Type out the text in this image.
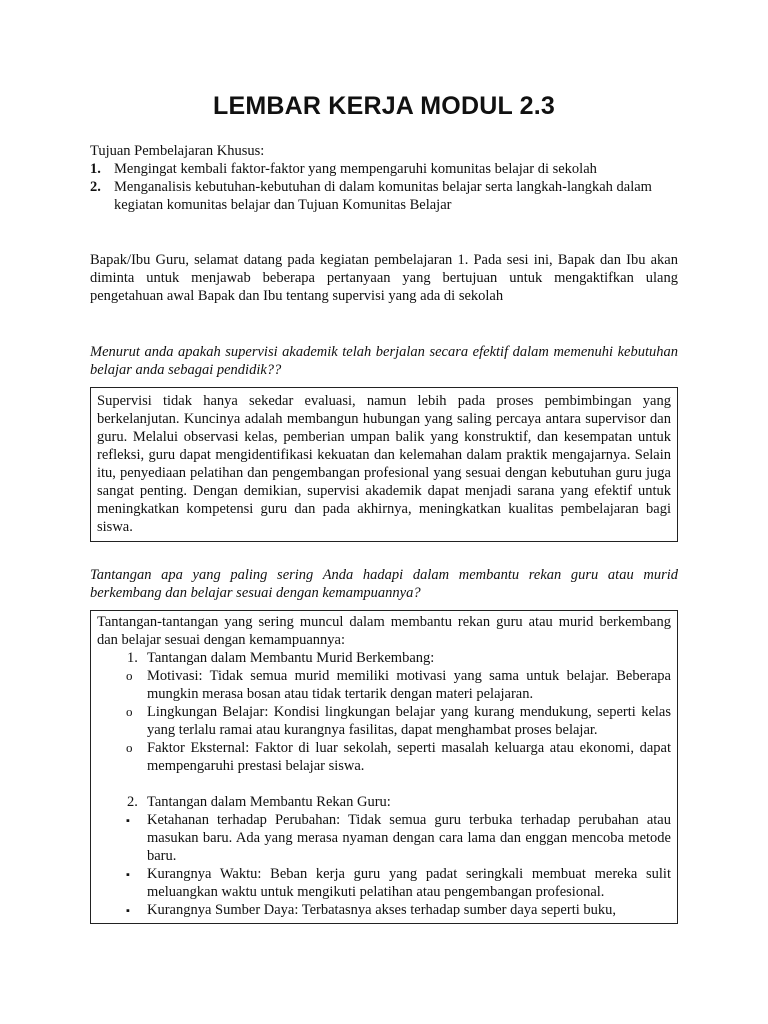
LEMBAR KERJA MODUL 2.3

Tujuan Pembelajaran Khusus:

1. Mengingat kembali faktor-faktor yang mempengaruhi komunitas belajar di sekolah
2. Menganalisis kebutuhan-kebutuhan di dalam komunitas belajar serta langkah-langkah dalam kegiatan komunitas belajar dan Tujuan Komunitas Belajar

Bapak/Ibu Guru, selamat datang pada kegiatan pembelajaran 1. Pada sesi ini, Bapak dan Ibu akan diminta untuk menjawab beberapa pertanyaan yang bertujuan untuk mengaktifkan ulang pengetahuan awal Bapak dan Ibu tentang supervisi yang ada di sekolah

Menurut anda apakah supervisi akademik telah berjalan secara efektif dalam memenuhi kebutuhan belajar anda sebagai pendidik??

Supervisi tidak hanya sekedar evaluasi, namun lebih pada proses pembimbingan yang berkelanjutan. Kuncinya adalah membangun hubungan yang saling percaya antara supervisor dan guru. Melalui observasi kelas, pemberian umpan balik yang konstruktif, dan kesempatan untuk refleksi, guru dapat mengidentifikasi kekuatan dan kelemahan dalam praktik mengajarnya. Selain itu, penyediaan pelatihan dan pengembangan profesional yang sesuai dengan kebutuhan guru juga sangat penting. Dengan demikian, supervisi akademik dapat menjadi sarana yang efektif untuk meningkatkan kompetensi guru dan pada akhirnya, meningkatkan kualitas pembelajaran bagi siswa.

Tantangan apa yang paling sering Anda hadapi dalam membantu rekan guru atau murid berkembang dan belajar sesuai dengan kemampuannya?

Tantangan-tantangan yang sering muncul dalam membantu rekan guru atau murid berkembang dan belajar sesuai dengan kemampuannya:
1. Tantangan dalam Membantu Murid Berkembang:
o Motivasi: Tidak semua murid memiliki motivasi yang sama untuk belajar. Beberapa mungkin merasa bosan atau tidak tertarik dengan materi pelajaran.
o Lingkungan Belajar: Kondisi lingkungan belajar yang kurang mendukung, seperti kelas yang terlalu ramai atau kurangnya fasilitas, dapat menghambat proses belajar.
o Faktor Eksternal: Faktor di luar sekolah, seperti masalah keluarga atau ekonomi, dapat mempengaruhi prestasi belajar siswa.
2. Tantangan dalam Membantu Rekan Guru:
▪ Ketahanan terhadap Perubahan: Tidak semua guru terbuka terhadap perubahan atau masukan baru. Ada yang merasa nyaman dengan cara lama dan enggan mencoba metode baru.
▪ Kurangnya Waktu: Beban kerja guru yang padat seringkali membuat mereka sulit meluangkan waktu untuk mengikuti pelatihan atau pengembangan profesional.
▪ Kurangnya Sumber Daya: Terbatasnya akses terhadap sumber daya seperti buku,
